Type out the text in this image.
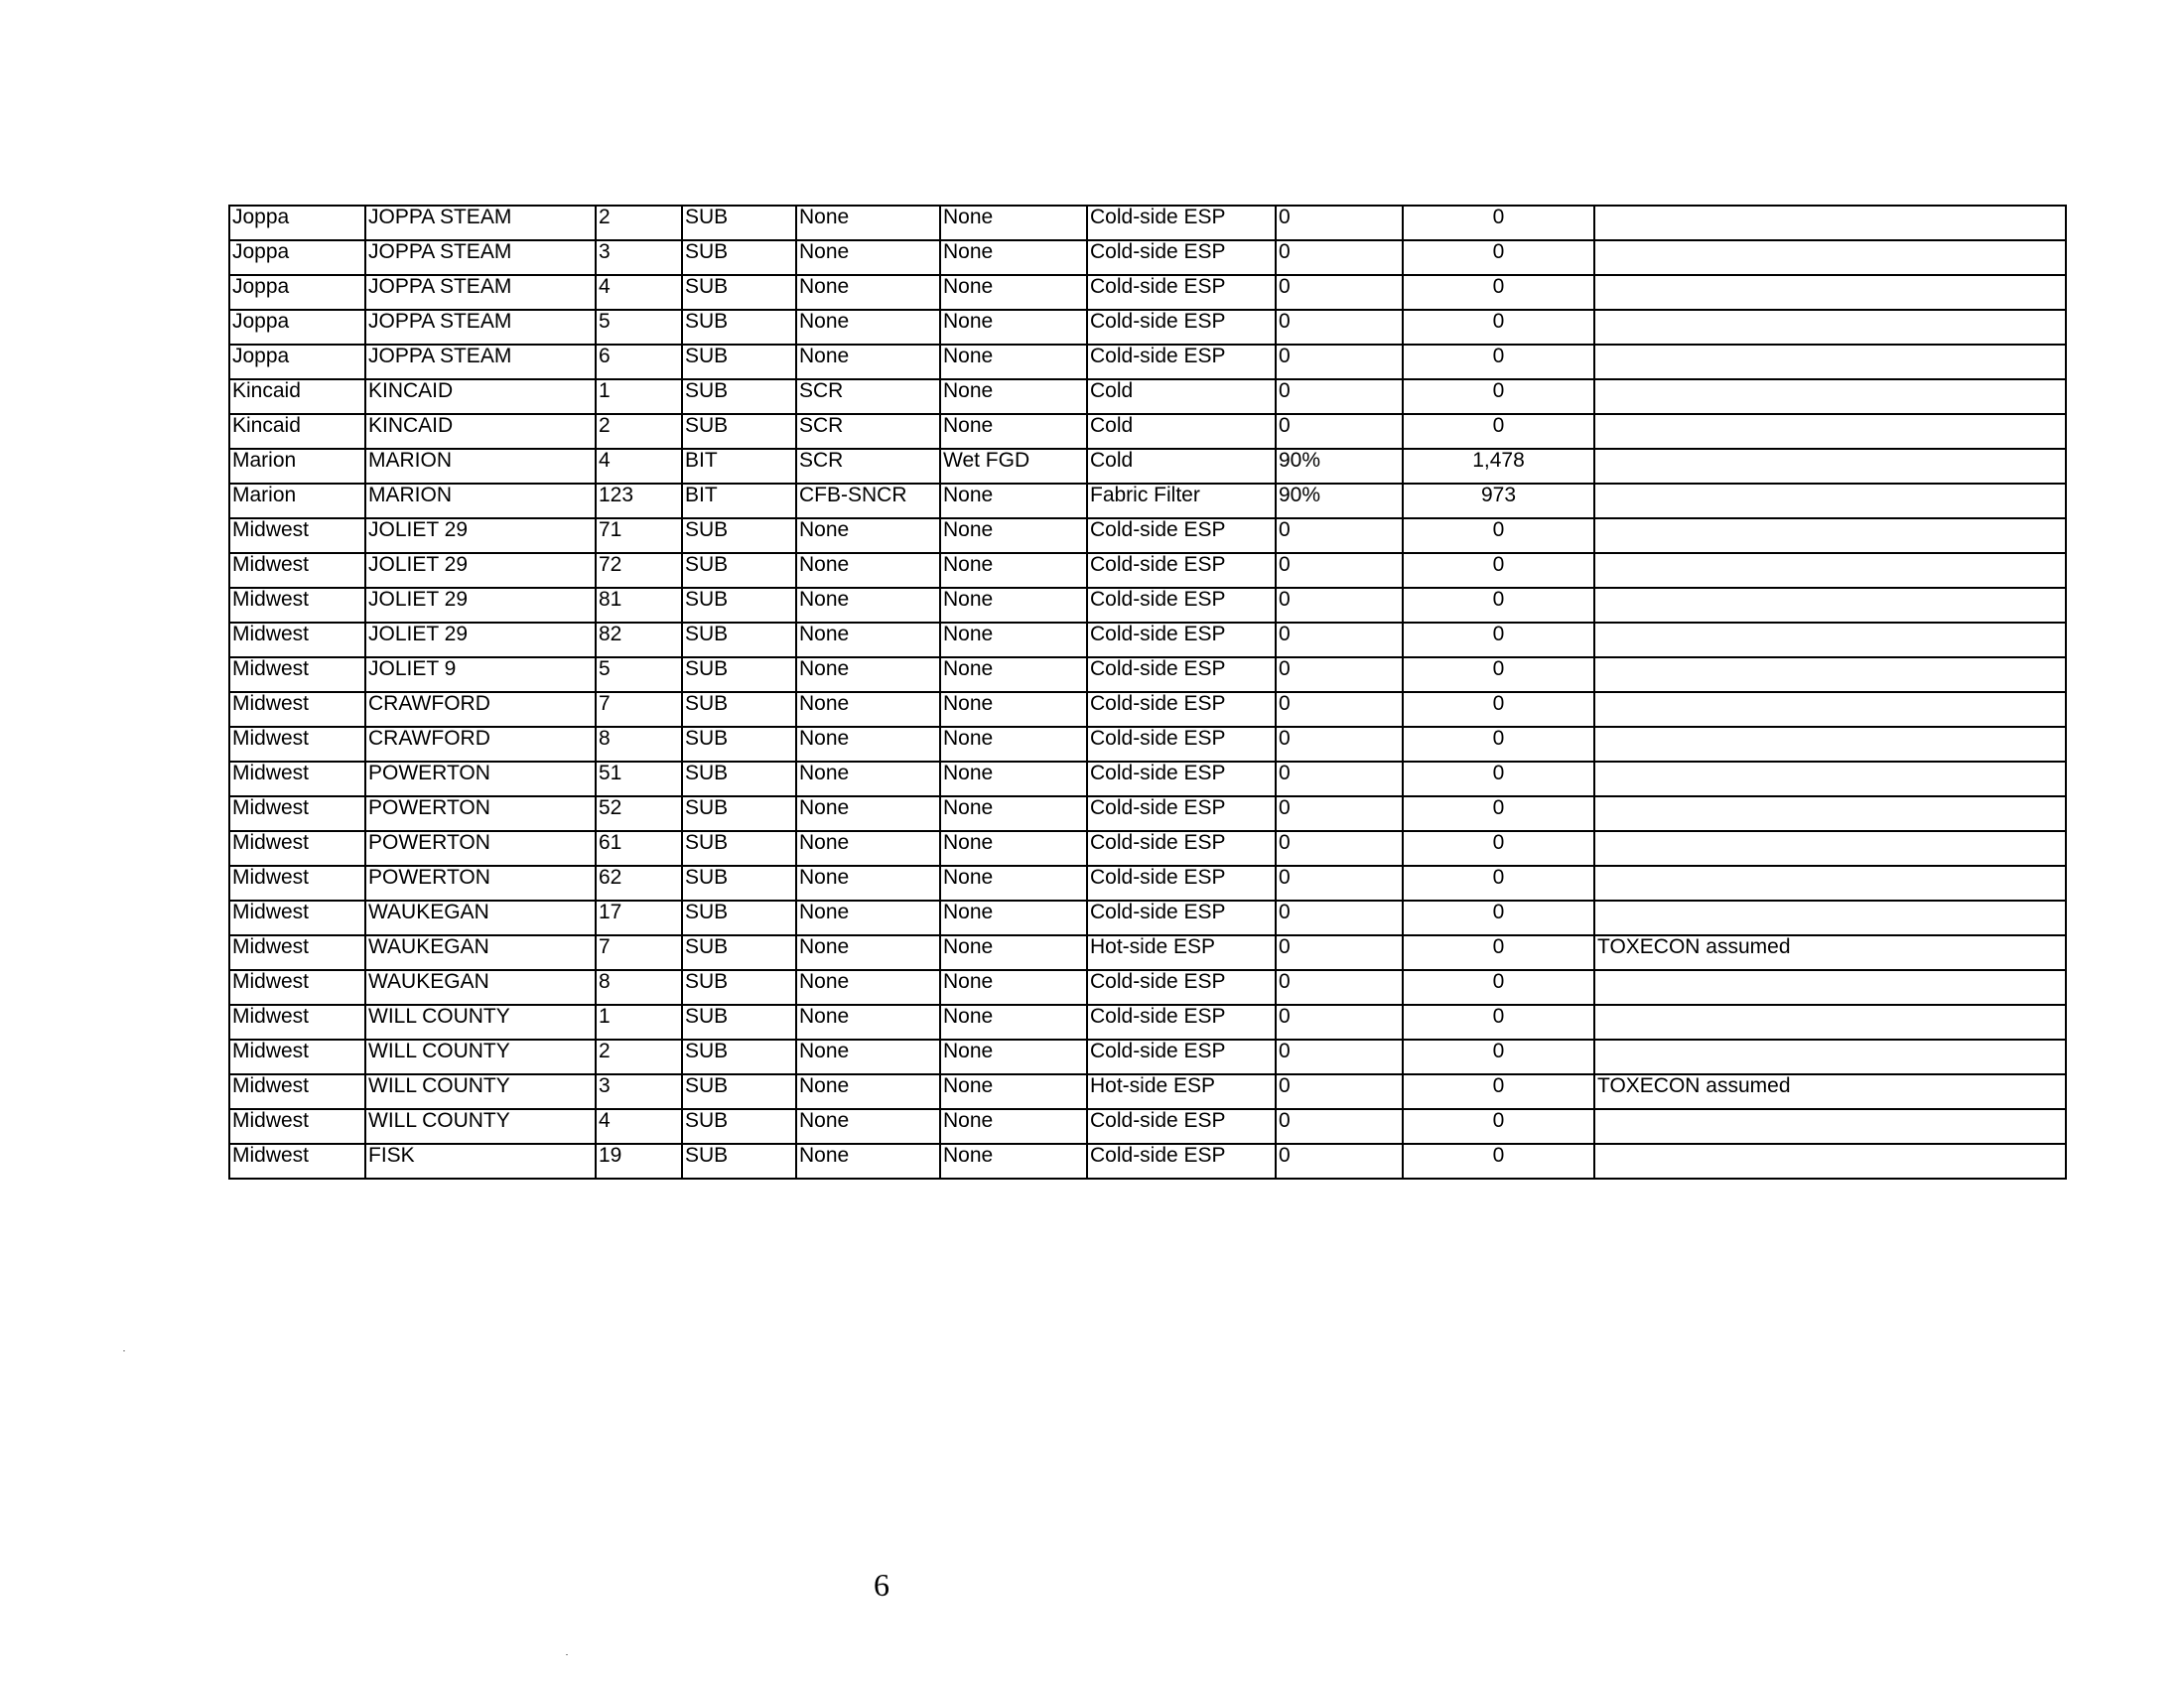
Joppa	JOPPA STEAM	2	SUB	None	None	Cold-side ESP	0	0	
Joppa	JOPPA STEAM	3	SUB	None	None	Cold-side ESP	0	0	
Joppa	JOPPA STEAM	4	SUB	None	None	Cold-side ESP	0	0	
Joppa	JOPPA STEAM	5	SUB	None	None	Cold-side ESP	0	0	
Joppa	JOPPA STEAM	6	SUB	None	None	Cold-side ESP	0	0	
Kincaid	KINCAID	1	SUB	SCR	None	Cold	0	0	
Kincaid	KINCAID	2	SUB	SCR	None	Cold	0	0	
Marion	MARION	4	BIT	SCR	Wet FGD	Cold	90%	1,478	
Marion	MARION	123	BIT	CFB-SNCR	None	Fabric Filter	90%	973	
Midwest	JOLIET 29	71	SUB	None	None	Cold-side ESP	0	0	
Midwest	JOLIET 29	72	SUB	None	None	Cold-side ESP	0	0	
Midwest	JOLIET 29	81	SUB	None	None	Cold-side ESP	0	0	
Midwest	JOLIET 29	82	SUB	None	None	Cold-side ESP	0	0	
Midwest	JOLIET 9	5	SUB	None	None	Cold-side ESP	0	0	
Midwest	CRAWFORD	7	SUB	None	None	Cold-side ESP	0	0	
Midwest	CRAWFORD	8	SUB	None	None	Cold-side ESP	0	0	
Midwest	POWERTON	51	SUB	None	None	Cold-side ESP	0	0	
Midwest	POWERTON	52	SUB	None	None	Cold-side ESP	0	0	
Midwest	POWERTON	61	SUB	None	None	Cold-side ESP	0	0	
Midwest	POWERTON	62	SUB	None	None	Cold-side ESP	0	0	
Midwest	WAUKEGAN	17	SUB	None	None	Cold-side ESP	0	0	
Midwest	WAUKEGAN	7	SUB	None	None	Hot-side ESP	0	0	TOXECON assumed
Midwest	WAUKEGAN	8	SUB	None	None	Cold-side ESP	0	0	
Midwest	WILL COUNTY	1	SUB	None	None	Cold-side ESP	0	0	
Midwest	WILL COUNTY	2	SUB	None	None	Cold-side ESP	0	0	
Midwest	WILL COUNTY	3	SUB	None	None	Hot-side ESP	0	0	TOXECON assumed
Midwest	WILL COUNTY	4	SUB	None	None	Cold-side ESP	0	0	
Midwest	FISK	19	SUB	None	None	Cold-side ESP	0	0	
6
